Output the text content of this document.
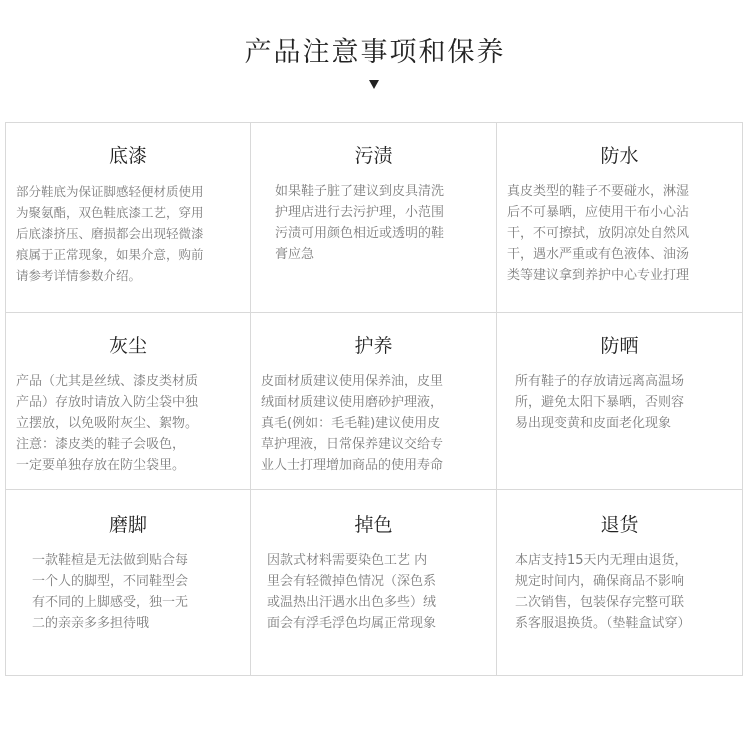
产品注意事项和保养
底漆
部分鞋底为保证脚感轻便材质使用
为聚氨酯，双色鞋底漆工艺，穿用
后底漆挤压、磨损都会出现轻微漆
痕属于正常现象，如果介意，购前
请参考详情参数介绍。
污渍
如果鞋子脏了建议到皮具清洗
护理店进行去污护理，小范围
污渍可用颜色相近或透明的鞋
膏应急
防水
真皮类型的鞋子不要碰水，淋湿
后不可暴晒，应使用干布小心沾
干，不可擦拭，放阴凉处自然风
干，遇水严重或有色液体、油汤
类等建议拿到养护中心专业打理
灰尘
产品（尤其是丝绒、漆皮类材质
产品）存放时请放入防尘袋中独
立摆放，以免吸附灰尘、絮物。
注意：漆皮类的鞋子会吸色，
一定要单独存放在防尘袋里。
护养
皮面材质建议使用保养油，皮里
绒面材质建议使用磨砂护理液，
真毛(例如：毛毛鞋)建议使用皮
草护理液，日常保养建议交给专
业人士打理增加商品的使用寿命
防晒
所有鞋子的存放请远离高温场
所，避免太阳下暴晒，否则容
易出现变黄和皮面老化现象
磨脚
一款鞋楦是无法做到贴合每
一个人的脚型，不同鞋型会
有不同的上脚感受，独一无
二的亲亲多多担待哦
掉色
因款式材料需要染色工艺 内
里会有轻微掉色情况（深色系
或温热出汗遇水出色多些）绒
面会有浮毛浮色均属正常现象
退货
本店支持15天内无理由退货，
规定时间内，确保商品不影响
二次销售，包装保存完整可联
系客服退换货。（垫鞋盒试穿）
